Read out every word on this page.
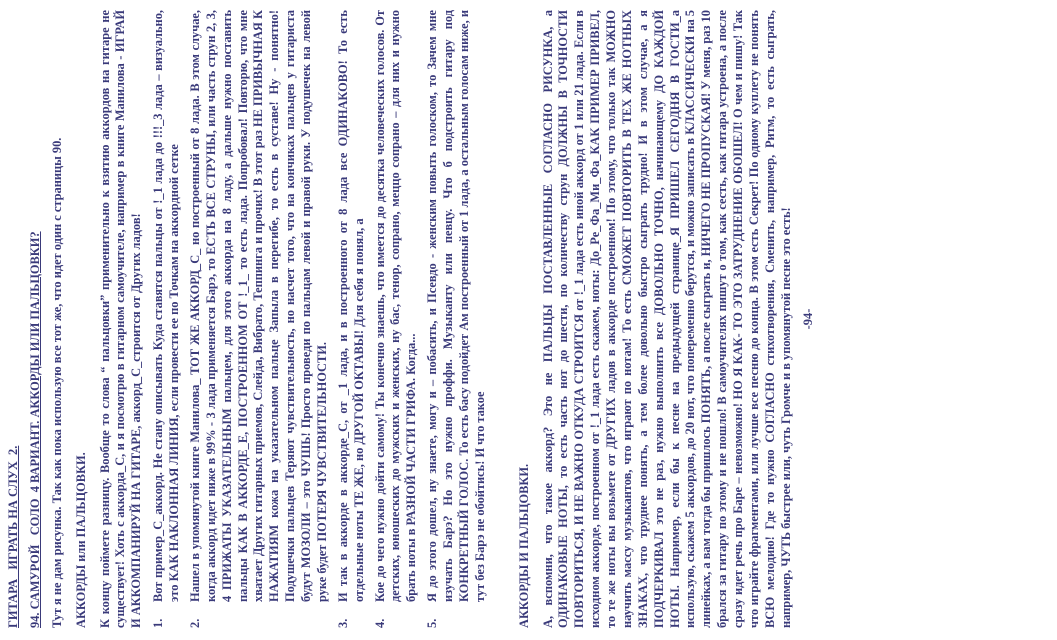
ГИТАРА_ ИГРАТЬ НА СЛУХ_2. 94. САМУРОЙ_ СОЛО_4 ВАРИАНТ. АККОРДЫ ИЛИ ПАЛЬЦОВКИ? Тут я не дам рисунка. Так как пока использую все тот же, что идет один с страницы 90. АККОРДЫ или ПАЛЬЦОВКИ. К концу поймете разницу. Вообще то слова “ пальцовки” применительно к взятию аккордов на гитаре не существует! Хоть с аккорда_С, и я посмотрю в гитарном самоучителе, например в книге Манилова - ИГРАЙ И АККОМПАНИРУЙ НА ГИТАРЕ, аккорд_С_строится от Других ладов! 1.
Вот пример_С_аккорд. Не стану описывать Куда ставятся пальцы от !_1 лада до !!!_3 лада – визуально, это КАК НАКЛОННАЯ ЛИНИЯ, если провести ее по Точкам на аккордной сетке
2.
Нашел в упомянутой книге Манилова_ ТОТ ЖЕ АККОРД_С_ но построенный от 8 лада. В этом случае, когда аккорд идет ниже в 99% - 3 лада применяется Барэ, то ЕСТЬ ВСЕ СТРУНЫ, или часть струн 2, 3, 4 ПРИЖАТЫ УКАЗАТЕЛЬНЫМ пальцем, для этого аккорда на 8 ладу, а дальше нужно поставить пальцы КАК В АККОРДЕ_Е, ПОСТРОЕННОМ ОТ !_1_ то есть лада. Попробовал! Повторю, что мне хватает Других гитарных приемов, Слейда, Вибрато, Теппинга и прочих! В этот раз НЕ ПРИВЫЧНАЯ К НАЖАТИЯМ кожа на указательном пальце Запыла в перегибе, то есть в суставе! Ну - понятно! Подушечки пальцев Теряют чувствительность, но насчет того, что на кончиках пальцев у гитариста будут МОЗОЛИ – это ЧУШЬ! Просто проведи по пальцам левой и правой руки. У подушечек на левой руке будет ПОТЕРЯ ЧУВСТВИТЕЛЬНОСТИ.
3.
И так в аккорде в аккорде_С, от _1 лада, и в построенного от 8 лада все ОДИНАКОВО! То есть отдельные ноты ТЕ ЖЕ, но ДРУГОЙ ОКТАВЫ! Для себя я понял, а
4.
Кое до чего нужно дойти самому! Ты конечно знаешь, что имеется до десятка человеческих голосов. От детских, юношеских до мужских и женских, ну бас, тенор, сопрано, меццо сопрано – для них и нужно брать ноты в РАЗНОЙ ЧАСТИ ГРИФА. Когда...
5.
Я до этого дошел, ну знаете, могу и – побасить, и Псевдо - женским повыть голоском, то Зачем мне изучать Барэ? Но это нужно проффи. Музыканту или певцу. Что б подстроить гитару под КОНКРЕТНЫЙ ГОЛОС. То есть басу подойдет Ам построенный от 1 лада, а остальным голосам ниже, и тут без Барэ не обойтись! И что такое АККОРДЫ И ПАЛЬЦОВКИ. А, вспомни, что такое аккорд? Это не ПАЛЬЦЫ ПОСТАВЛЕННЫЕ СОГЛАСНО РИСУНКА, а ОДИНАКОВЫЕ НОТЫ, то есть часть нот до шести, по количеству струн ДОЛЖНЫ В ТОЧНОСТИ ПОВТОРИТЬСЯ, И НЕ ВАЖНО ОТКУДА СТРОИТСЯ от !_1 лада есть иной аккорд от 1 или 21 лада. Если в исходном аккорде, построенном от !_1 лада есть скажем, ноты: До_Ре_Фа_Ми_Фа_КАК ПРИМЕР ПРИВЕЛ, то те же ноты вы возьмете от ДРУГИХ ладов в аккорде построенном! По этому, что только так МОЖНО научить массу музыкантов, что играют по нотам! То есть СМОЖЕТ ПОВТОРИТЬ В ТЕХ ЖЕ НОТНЫХ ЗНАКАХ, что труднее понять, а тем более довольно быстро сыграть трудно! И в этом случае, а я ПОДЧЕРКИВАЛ это не раз, нужно выполнить все ДОВОЛЬНО ТОЧНО, начинающему ДО КАЖДОЙ НОТЫ. Например, если бы к песне на предыдущей странице_Я ПРИШЕЛ СЕГОДНЯ В ГОСТИ_а использую, скажем 5 аккордов, до 20 нот, что попеременно берутся, и можно записать в КЛАССИЧЕСКИ на 5 линейках, а вам тогда бы пришлось ПОНЯТЬ, а после сыграть и, НИЧЕГО НЕ ПРОПУСКАЯ! У меня, раз 10 брался за гитару по этому и не пошло! В самоучителях пишут о том, как сесть, как гитара устроена, а после сразу идет речь про Баре – невозможно! НО Я КАК- ТО ЭТО ЗАТРУДНЕНИЕ ОБОШЕЛ! О чем и пишу! Так что играйте фрагментами, или лучше все песню до конца. В этом есть Секрет! По одному куплету не понять ВСЮ мелодию! Где то нужно СОГЛАСНО стихотворения, Сменить, например, Ритм, то есть сыграть, например, ЧУТЬ быстрее или, чуть Громче и в упомянутой песне это есть! -94-
